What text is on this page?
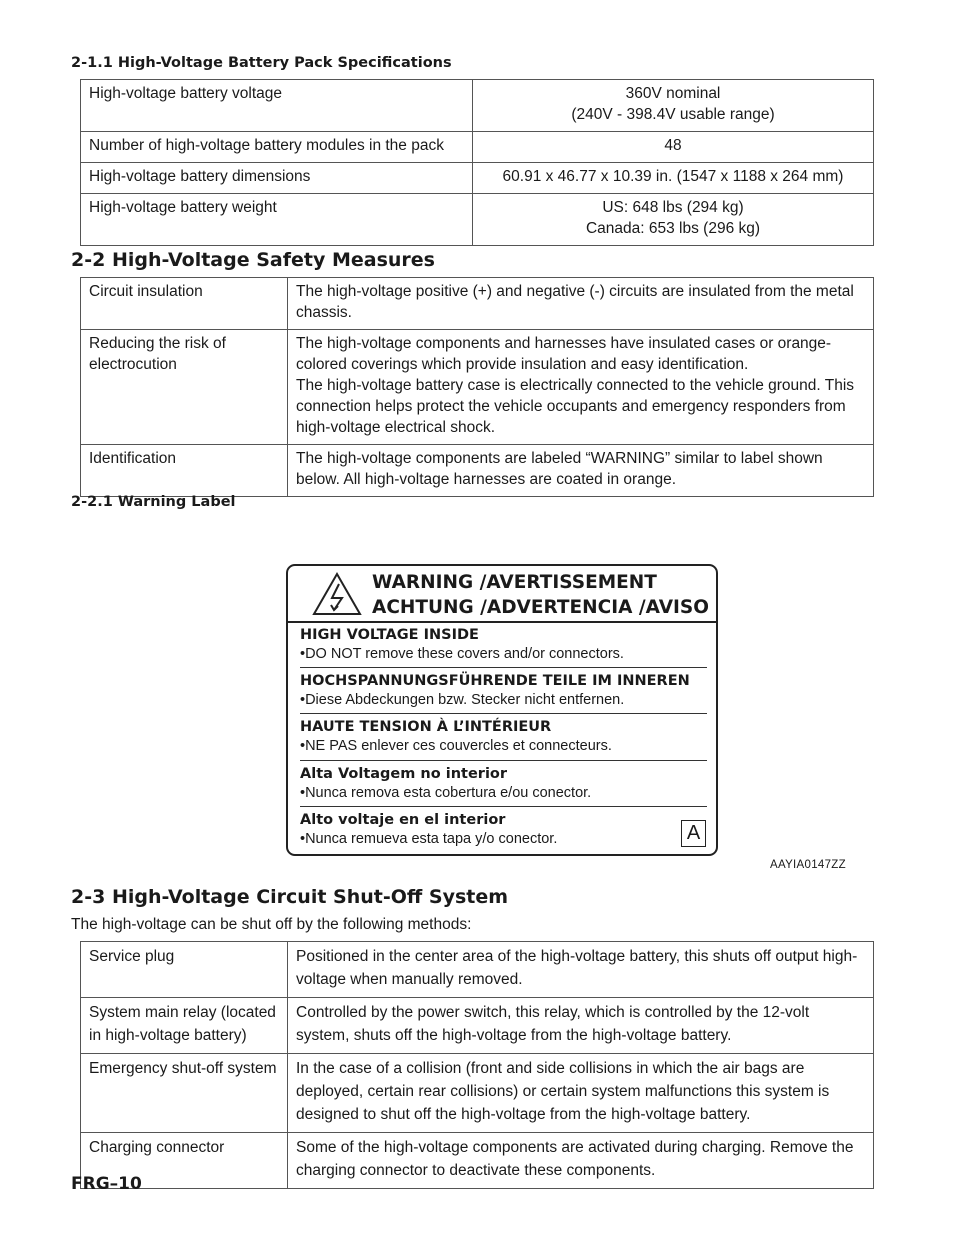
2-1.1 High-Voltage Battery Pack Specifications
High-voltage battery voltage	360V nominal
(240V - 398.4V usable range)
Number of high-voltage battery modules in the pack	48
High-voltage battery dimensions	60.91 x 46.77 x 10.39 in. (1547 x 1188 x 264 mm)
High-voltage battery weight	US: 648 lbs (294 kg)
Canada: 653 lbs (296 kg)
2-2 High-Voltage Safety Measures
Circuit insulation	The high-voltage positive (+) and negative (-) circuits are insulated from the metal chassis.
Reducing the risk of electrocution	The high-voltage components and harnesses have insulated cases or orange-colored coverings which provide insulation and easy identification.
The high-voltage battery case is electrically connected to the vehicle ground. This connection helps protect the vehicle occupants and emergency responders from high-voltage electrical shock.

Identification	The high-voltage components are labeled “WARNING” similar to label shown below. All high-voltage harnesses are coated in orange.
2-2.1 Warning Label
WARNING /AVERTISSEMENT
ACHTUNG /ADVERTENCIA /AVISO
HIGH VOLTAGE INSIDE
•DO NOT remove these covers and/or connectors.
HOCHSPANNUNGSFÜHRENDE TEILE IM INNEREN
•Diese Abdeckungen bzw. Stecker nicht entfernen.
HAUTE TENSION À L’INTÉRIEUR
•NE PAS enlever ces couvercles et connecteurs.
Alta Voltagem no interior
•Nunca remova esta cobertura e/ou conector.
Alto voltaje en el interior
•Nunca remueva esta tapa y/o conector.	A
AAYIA0147ZZ
2-3 High-Voltage Circuit Shut-Off System
The high-voltage can be shut off by the following methods:
Service plug	Positioned in the center area of the high-voltage battery, this shuts off output high-voltage when manually removed.
System main relay (located in high-voltage battery)	Controlled by the power switch, this relay, which is controlled by the 12-volt system, shuts off the high-voltage from the high-voltage battery.
Emergency shut-off system	In the case of a collision (front and side collisions in which the air bags are deployed, certain rear collisions) or certain system malfunctions this system is designed to shut off the high-voltage from the high-voltage battery.
Charging connector	Some of the high-voltage components are activated during charging. Remove the charging connector to deactivate these components.
FRG–10
